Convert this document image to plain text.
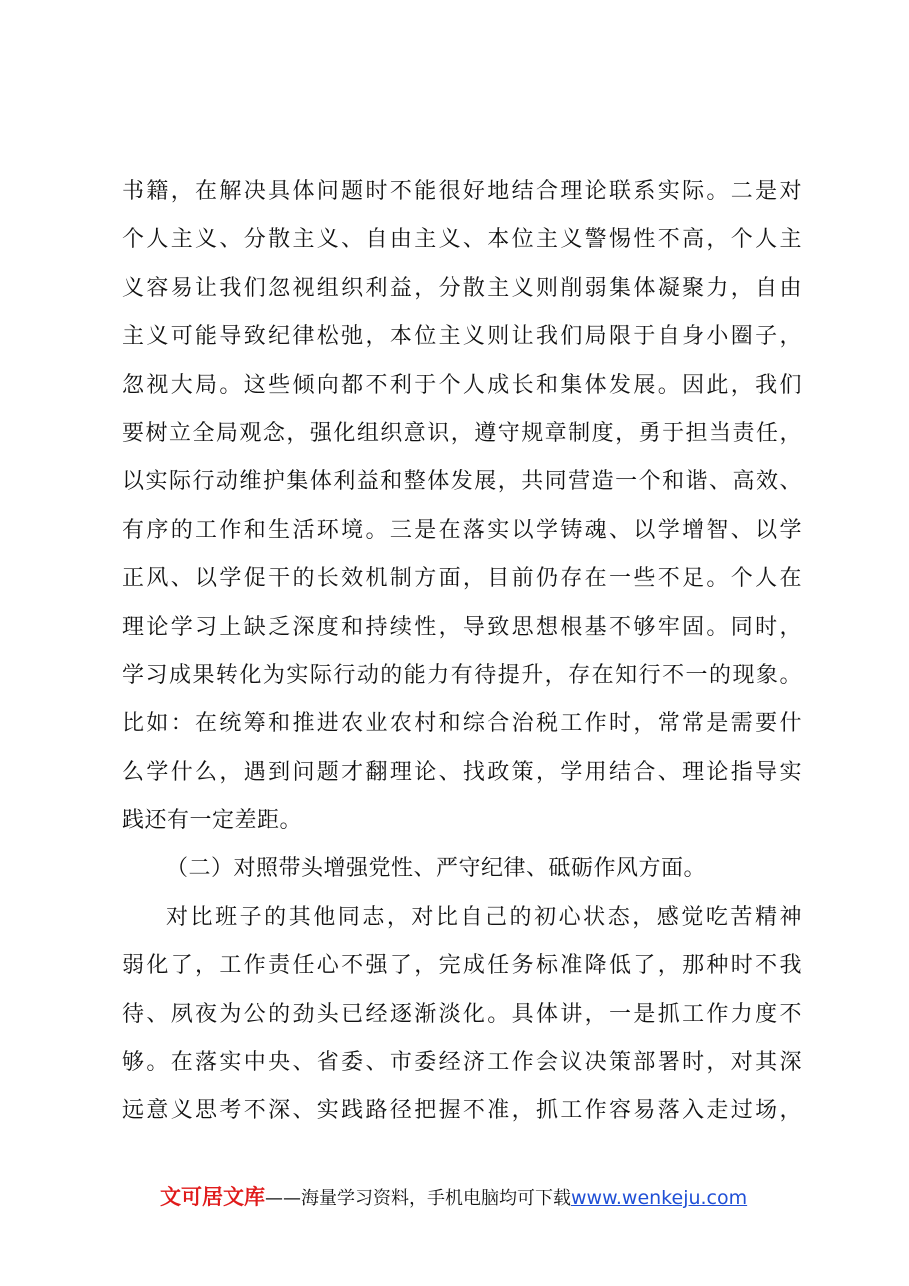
书籍，在解决具体问题时不能很好地结合理论联系实际。二是对
个人主义、分散主义、自由主义、本位主义警惕性不高，个人主
义容易让我们忽视组织利益，分散主义则削弱集体凝聚力，自由
主义可能导致纪律松弛，本位主义则让我们局限于自身小圈子，
忽视大局。这些倾向都不利于个人成长和集体发展。因此，我们
要树立全局观念，强化组织意识，遵守规章制度，勇于担当责任，
以实际行动维护集体利益和整体发展，共同营造一个和谐、高效、
有序的工作和生活环境。三是在落实以学铸魂、以学增智、以学
正风、以学促干的长效机制方面，目前仍存在一些不足。个人在
理论学习上缺乏深度和持续性，导致思想根基不够牢固。同时，
学习成果转化为实际行动的能力有待提升，存在知行不一的现象。
比如：在统筹和推进农业农村和综合治税工作时，常常是需要什
么学什么，遇到问题才翻理论、找政策，学用结合、理论指导实
践还有一定差距。
（二）对照带头增强党性、严守纪律、砥砺作风方面。
对比班子的其他同志，对比自己的初心状态，感觉吃苦精神
弱化了，工作责任心不强了，完成任务标准降低了，那种时不我
待、夙夜为公的劲头已经逐渐淡化。具体讲，一是抓工作力度不
够。在落实中央、省委、市委经济工作会议决策部署时，对其深
远意义思考不深、实践路径把握不准，抓工作容易落入走过场，
文可居文库——海量学习资料，手机电脑均可下载www.wenkeju.com
